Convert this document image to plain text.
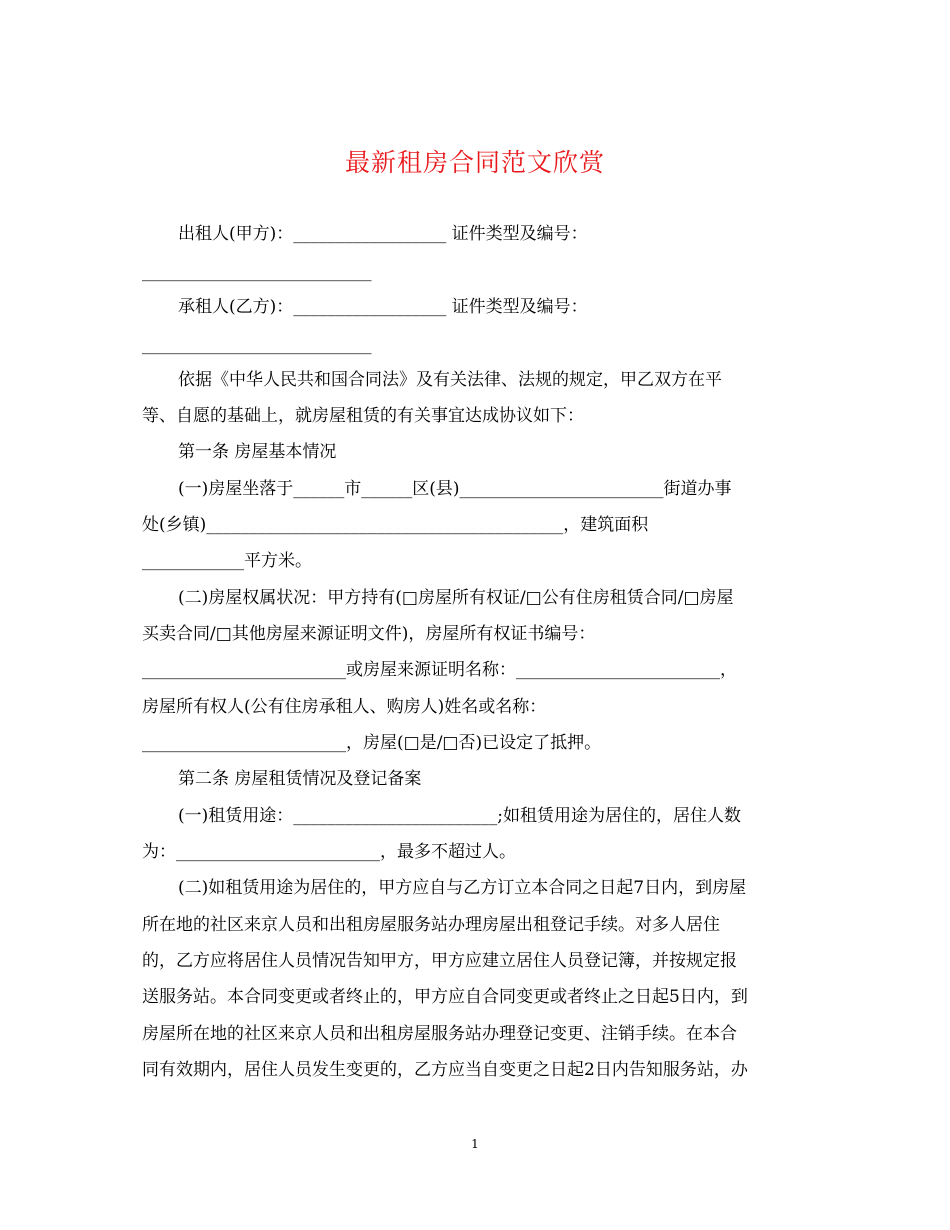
最新租房合同范文欣赏
出租人(甲方)：__________________ 证件类型及编号：
___________________________
承租人(乙方)：__________________ 证件类型及编号：
___________________________
依据《中华人民共和国合同法》及有关法律、法规的规定，甲乙双方在平
等、自愿的基础上，就房屋租赁的有关事宜达成协议如下：
第一条 房屋基本情况
(一)房屋坐落于______市______区(县)________________________街道办事
处(乡镇)__________________________________________，建筑面积
____________平方米。
(二)房屋权属状况：甲方持有(□房屋所有权证/□公有住房租赁合同/□房屋
买卖合同/□其他房屋来源证明文件)，房屋所有权证书编号：
________________________或房屋来源证明名称：________________________，
房屋所有权人(公有住房承租人、购房人)姓名或名称：
________________________，房屋(□是/□否)已设定了抵押。
第二条 房屋租赁情况及登记备案
(一)租赁用途：________________________;如租赁用途为居住的，居住人数
为：________________________，最多不超过人。
(二)如租赁用途为居住的，甲方应自与乙方订立本合同之日起7日内，到房屋
所在地的社区来京人员和出租房屋服务站办理房屋出租登记手续。对多人居住
的，乙方应将居住人员情况告知甲方，甲方应建立居住人员登记簿，并按规定报
送服务站。本合同变更或者终止的，甲方应自合同变更或者终止之日起5日内，到
房屋所在地的社区来京人员和出租房屋服务站办理登记变更、注销手续。在本合
同有效期内，居住人员发生变更的，乙方应当自变更之日起2日内告知服务站，办
1
